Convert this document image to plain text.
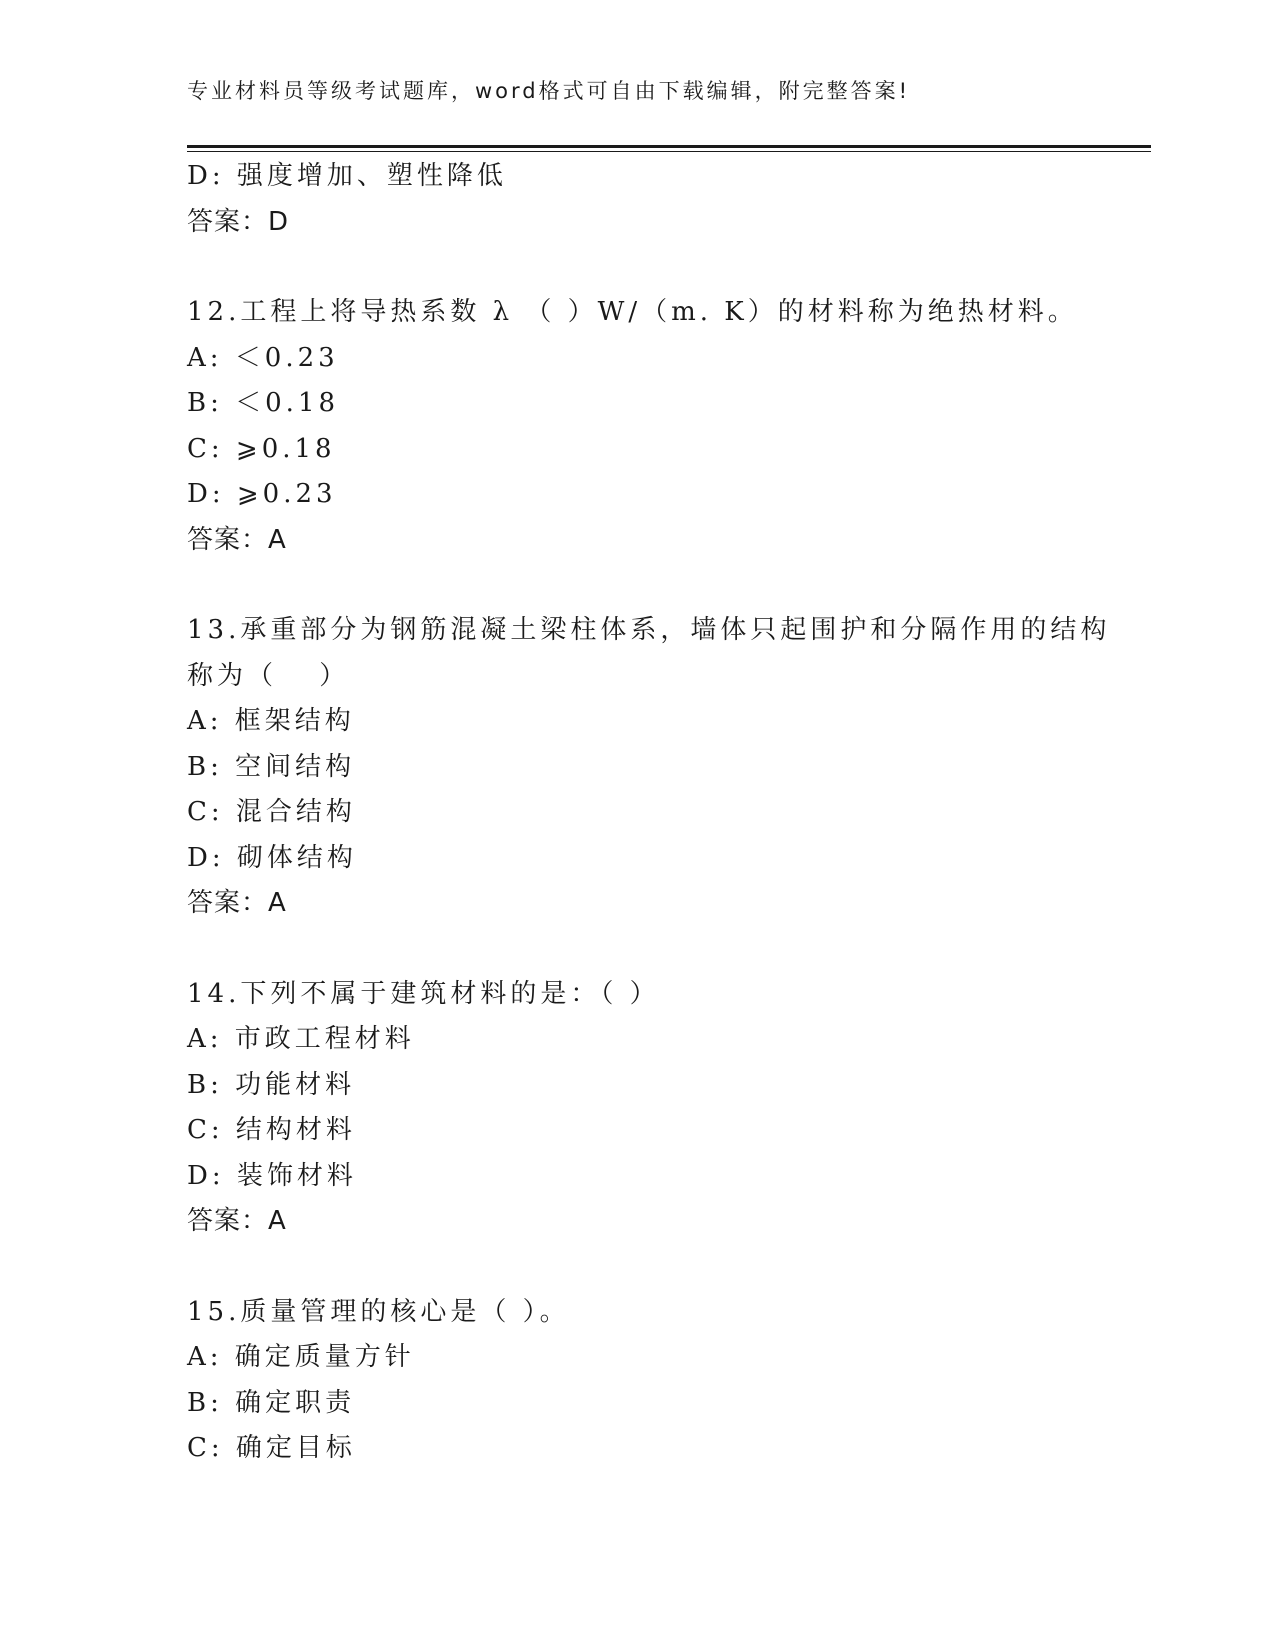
专业材料员等级考试题库，word格式可自由下载编辑，附完整答案!
D: 强度增加、塑性降低
答案：D
12.工程上将导热系数 λ （ ）W/（m. K）的材料称为绝热材料。
A: ＜0.23
B: ＜0.18
C: ⩾0.18
D: ⩾0.23
答案：A
13.承重部分为钢筋混凝土梁柱体系，墙体只起围护和分隔作用的结构
称为（　 ）
A: 框架结构
B: 空间结构
C: 混合结构
D: 砌体结构
答案：A
14.下列不属于建筑材料的是：（ ）
A: 市政工程材料
B: 功能材料
C: 结构材料
D: 装饰材料
答案：A
15.质量管理的核心是（ ）。
A: 确定质量方针
B: 确定职责
C: 确定目标
